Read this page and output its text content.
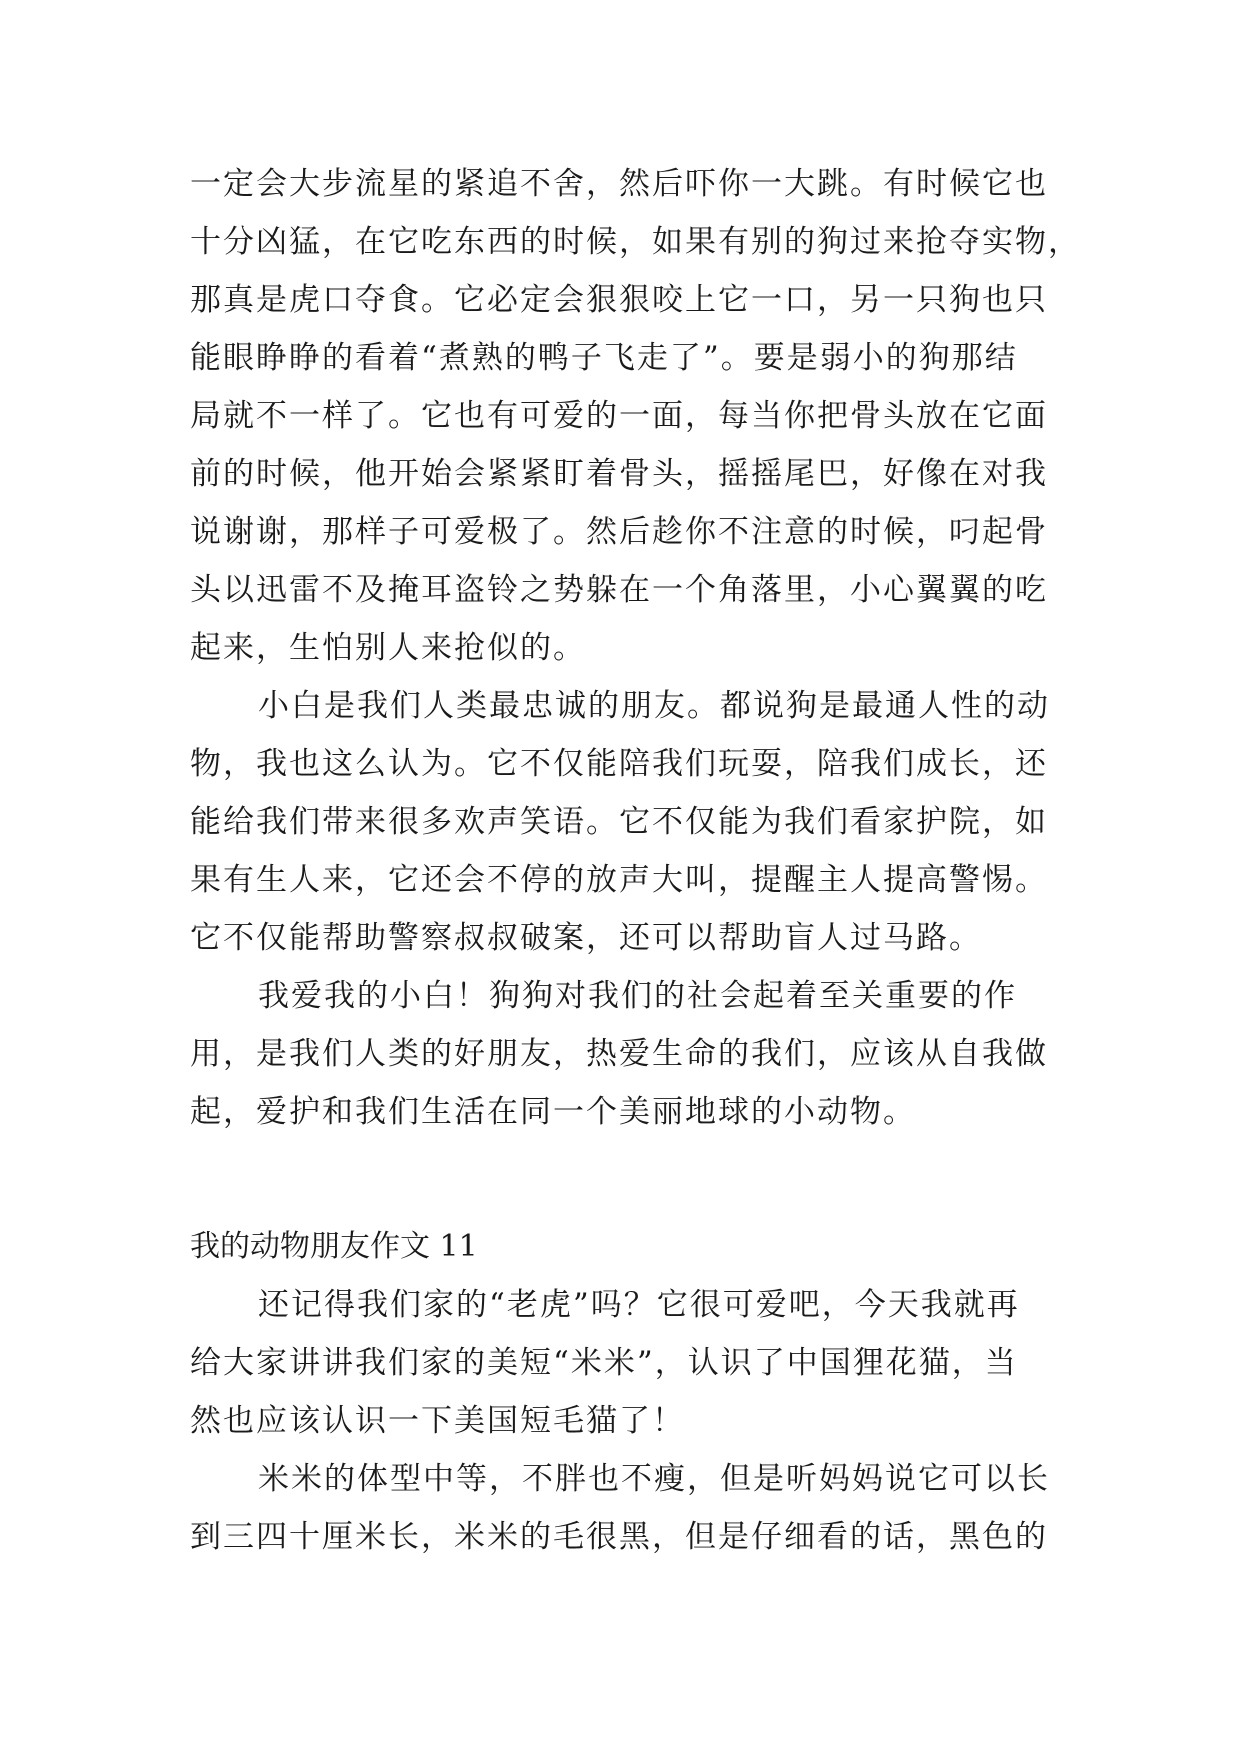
一定会大步流星的紧追不舍，然后吓你一大跳。有时候它也
十分凶猛，在它吃东西的时候，如果有别的狗过来抢夺实物，
那真是虎口夺食。它必定会狠狠咬上它一口，另一只狗也只
能眼睁睁的看着“煮熟的鸭子飞走了”。要是弱小的狗那结
局就不一样了。它也有可爱的一面，每当你把骨头放在它面
前的时候，他开始会紧紧盯着骨头，摇摇尾巴，好像在对我
说谢谢，那样子可爱极了。然后趁你不注意的时候，叼起骨
头以迅雷不及掩耳盗铃之势躲在一个角落里，小心翼翼的吃
起来，生怕别人来抢似的。
小白是我们人类最忠诚的朋友。都说狗是最通人性的动
物，我也这么认为。它不仅能陪我们玩耍，陪我们成长，还
能给我们带来很多欢声笑语。它不仅能为我们看家护院，如
果有生人来，它还会不停的放声大叫，提醒主人提高警惕。
它不仅能帮助警察叔叔破案，还可以帮助盲人过马路。
我爱我的小白！狗狗对我们的社会起着至关重要的作
用，是我们人类的好朋友，热爱生命的我们，应该从自我做
起，爱护和我们生活在同一个美丽地球的小动物。
我的动物朋友作文 11
还记得我们家的“老虎”吗？它很可爱吧，今天我就再
给大家讲讲我们家的美短“米米”，认识了中国狸花猫，当
然也应该认识一下美国短毛猫了！
米米的体型中等，不胖也不瘦，但是听妈妈说它可以长
到三四十厘米长，米米的毛很黑，但是仔细看的话，黑色的
